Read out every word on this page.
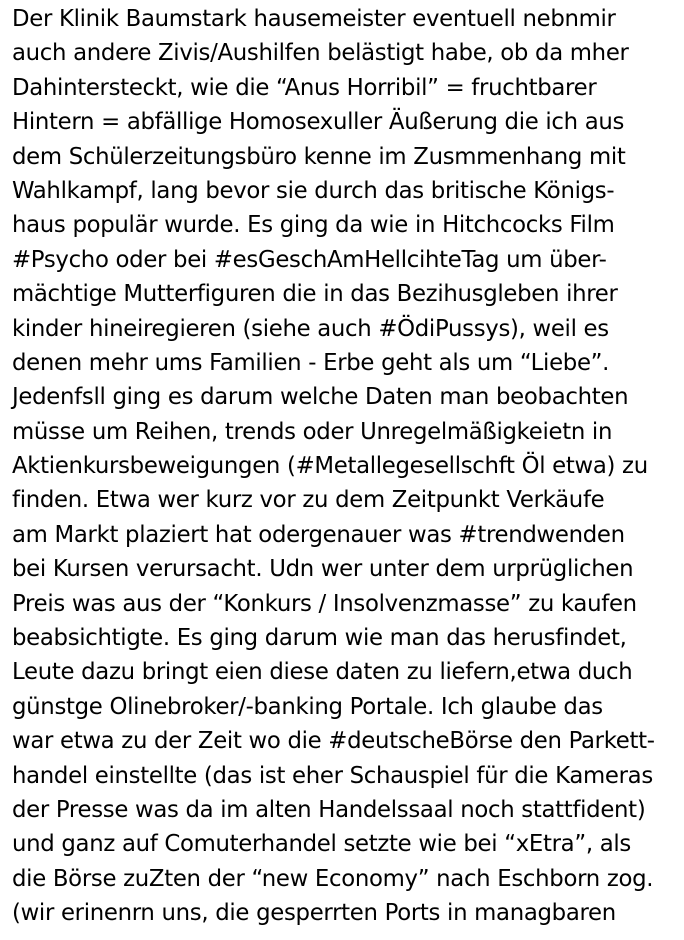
Der Klinik Baumstark hausemeister eventuell nebnmir
auch andere Zivis/Aushilfen belästigt habe, ob da mher
Dahintersteckt, wie die “Anus Horribil” = fruchtbarer
Hintern = abfällige Homosexuller Äußerung die ich aus
dem Schülerzeitungsbüro kenne im Zusmmenhang mit
Wahlkampf, lang bevor sie durch das britische Königs-
haus populär wurde. Es ging da wie in Hitchcocks Film
#Psycho oder bei #esGeschAmHellcihteTag um über-
mächtige Mutterfiguren die in das Bezihusgleben ihrer
kinder hineiregieren (siehe auch #ÖdiPussys), weil es
denen mehr ums Familien - Erbe geht als um “Liebe”.
Jedenfsll ging es darum welche Daten man beobachten
müsse um Reihen, trends oder Unregelmäßigkeietn in
Aktienkursbeweigungen (#Metallegesellschft Öl etwa) zu
finden. Etwa wer kurz vor zu dem Zeitpunkt Verkäufe
am Markt plaziert hat odergenauer was #trendwenden
bei Kursen verursacht. Udn wer unter dem urprüglichen
Preis was aus der “Konkurs / Insolvenzmasse” zu kaufen
beabsichtigte. Es ging darum wie man das herusfindet,
Leute dazu bringt eien diese daten zu liefern,etwa duch
günstge Olinebroker/-banking Portale. Ich glaube das
war etwa zu der Zeit wo die #deutscheBörse den Parkett-
handel einstellte (das ist eher Schauspiel für die Kameras
der Presse was da im alten Handelssaal noch stattfident)
und ganz auf Comuterhandel setzte wie bei “xEtra”, als
die Börse zuZten der “new Economy” nach Eschborn zog.
(wir erinenrn uns, die gesperrten Ports in managbaren
